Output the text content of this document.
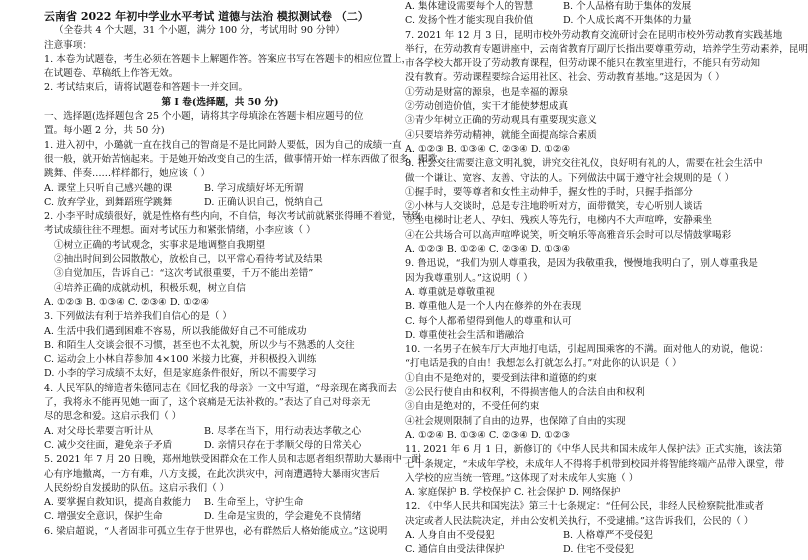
云南省 2022 年初中学业水平考试 道德与法治 模拟测试卷 （二）
（全卷共 4 个大题，31 个小题，满分 100 分，考试用时 90 分钟）
注意事项：
1. 本卷为试题卷，考生必须在答题卡上解题作答。答案应书写在答题卡的相应位置上，
在试题卷、草稿纸上作答无效。
2. 考试结束后，请将试题卷和答题卡一并交回。
第 I 卷(选择题，共 50 分)
一、选择题(选择题包含 25 个小题，请将其字母填涂在答题卡相应题号的位
置。每小题 2 分，共 50 分)
1. 进入初中，小璐就一直在找自己的智商是不是比同龄人要低，因为自己的成绩一直
很一般，就开始苦恼起来。于是她开始改变自己的生活，做事情开始一样东西做了很多，唱歌、
跳舞、伴奏……样样都行，她应该（ ）
A. 课堂上只听自己感兴趣的课	B. 学习成绩好坏无所谓
C. 放弃学业，到舞蹈班学跳舞	D. 正确认识自己，悦纳自己
2. 小李平时成绩很好，就是性格有些内向，不自信，每次考试前就紧张得睡不着觉，导致
考试成绩往往不理想。面对考试压力和紧张情绪，小李应该（ ）
①树立正确的考试观念，实事求是地调整自我期望
②抽出时间到公园散散心，放松自己，以平常心看待考试及结果
③自觉加压，告诉自己：“这次考试很重要，千万不能出差错”
④培养正确的成就动机，积极乐观，树立自信
A. ①②③ B. ①③④ C. ②③④ D. ①②④
3. 下列做法有利于培养我们自信心的是（ ）
A. 生活中我们遇到困难不容易，所以我能做好自己不可能成功
B. 和陌生人交谈会很不习惯，甚至也不太礼貌，所以少与不熟悉的人交往
C. 运动会上小林自荐参加 4×100 米接力比赛，并积极投入训练
D. 小李的学习成绩不太好，但是家庭条件很好，所以不需要学习
4. 人民军队的缔造者朱德同志在《回忆我的母亲》一文中写道，“母亲现在离我而去
了，我将永不能再见她一面了，这个哀痛是无法补救的。”表达了自己对母亲无
尽的思念和爱。这启示我们（ ）
A. 对父母长辈要言听计从	B. 尽孝在当下，用行动表达孝敬之心
C. 减少交往面，避免亲子矛盾	D. 亲情只存在于孝顺父母的日常关心
5. 2021 年 7 月 20 日晚，郑州地铁受困群众在工作人员和志愿者组织帮助大暴雨中一耐
心有序地撤离，一方有难，八方支援，在此次洪灾中，河南遭遇特大暴雨灾害后
人民纷纷自发援助的队伍。这启示我们（ ）
A. 要掌握自救知识，提高自救能力	B. 生命至上，守护生命
C. 增强安全意识，保护生命	D. 生命是宝贵的，学会避免不良情绪
6. 梁启超说，“人者固非可孤立生存于世界也，必有群然后人格始能成立。”这说明
A. 集体建设需要每个人的智慧	B. 个人品格有助于集体的发展
C. 发扬个性才能实现自我价值	D. 个人成长离不开集体的力量
7. 2021 年 12 月 3 日，昆明市校外劳动教育交流研讨会在昆明市校外劳动教育实践基地
举行，在劳动教育专题讲座中，云南省教育厅副厅长指出要尊重劳动，培养学生劳动素养，昆明
市各学校大都开设了劳动教育课程，但劳动课不能只在教室里进行，不能只有劳动知
没有教育。劳动课程要综合运用社区、社会、劳动教育基地。”这是因为（ ）
①劳动是财富的源泉，也是幸福的源泉
②劳动创造价值，实干才能使梦想成真
③青少年树立正确的劳动观具有重要现实意义
④只要培养劳动精神，就能全面提高综合素质
A. ①②③ B. ①③④ C. ②③④ D. ①②④
8. 社会交往需要注意文明礼貌，讲究交往礼仪，良好明有礼的人，需要在社会生活中
做一个谦让、宽容、友善、守法的人。下列做法中属于遵守社会规则的是（ ）
①握手时，要等尊者和女性主动伸手，握女性的手时，只握手指部分
②小林与人交谈时，总是专注地聆听对方，面带微笑，专心听别人谈话
③坐电梯时让老人、孕妇、残疾人等先行，电梯内不大声喧哗，安静乘坐
④在公共场合可以高声喧哗说笑，听交响乐等高雅音乐会时可以尽情鼓掌喝彩
A. ①②③ B. ①②④ C. ②③④ D. ①③④
9. 鲁迅说，“我们为别人尊重我，是因为我敬重我，慢慢地我明白了，别人尊重我是
因为我尊重别人。”这说明（ ）
A. 尊重就是尊敬重视
B. 尊重他人是一个人内在修养的外在表现
C. 每个人都希望得到他人的尊重和认可
D. 尊重使社会生活和谐融洽
10. 一名男子在候车厅大声地打电话，引起周围乘客的不满。面对他人的劝说，他说：
“打电话是我的自由！我想怎么打就怎么打。”对此你的认识是（ ）
①自由不是绝对的，要受到法律和道德的约束
②公民行使自由和权利，不得损害他人的合法自由和权利
③自由是绝对的，不受任何约束
④社会规则限制了自由的边界，也保障了自由的实现
A. ①②④ B. ①③④ C. ②③④ D. ①②③
11. 2021 年 6 月 1 日，新修订的《中华人民共和国未成年人保护法》正式实施，该法第
七十条规定，“未成年学校，未成年人不得将手机带到校园并将智能终端产品带入课堂，带
入学校的应当统一管理。”这体现了对未成年人实施（ ）
A. 家庭保护 B. 学校保护 C. 社会保护 D. 网络保护
12. 《中华人民共和国宪法》第三十七条规定：“任何公民，非经人民检察院批准或者
决定或者人民法院决定，并由公安机关执行，不受逮捕。”这告诉我们，公民的（ ）
A. 人身自由不受侵犯	B. 人格尊严不受侵犯
C. 通信自由受法律保护	D. 住宅不受侵犯
